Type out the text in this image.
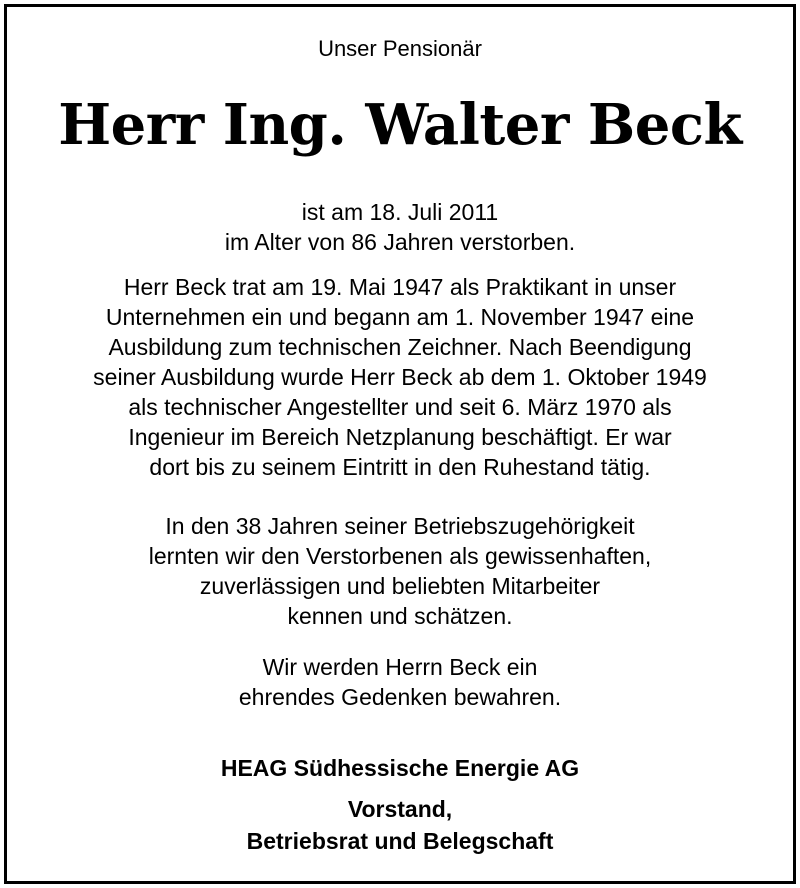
Unser Pensionär
Herr Ing. Walter Beck
ist am 18. Juli 2011
im Alter von 86 Jahren verstorben.
Herr Beck trat am 19. Mai 1947 als Praktikant in unser
Unternehmen ein und begann am 1. November 1947 eine
Ausbildung zum technischen Zeichner. Nach Beendigung
seiner Ausbildung wurde Herr Beck ab dem 1. Oktober 1949
als technischer Angestellter und seit 6. März 1970 als
Ingenieur im Bereich Netzplanung beschäftigt. Er war
dort bis zu seinem Eintritt in den Ruhestand tätig.
In den 38 Jahren seiner Betriebszugehörigkeit
lernten wir den Verstorbenen als gewissenhaften,
zuverlässigen und beliebten Mitarbeiter
kennen und schätzen.
Wir werden Herrn Beck ein
ehrendes Gedenken bewahren.
HEAG Südhessische Energie AG
Vorstand,
Betriebsrat und Belegschaft
